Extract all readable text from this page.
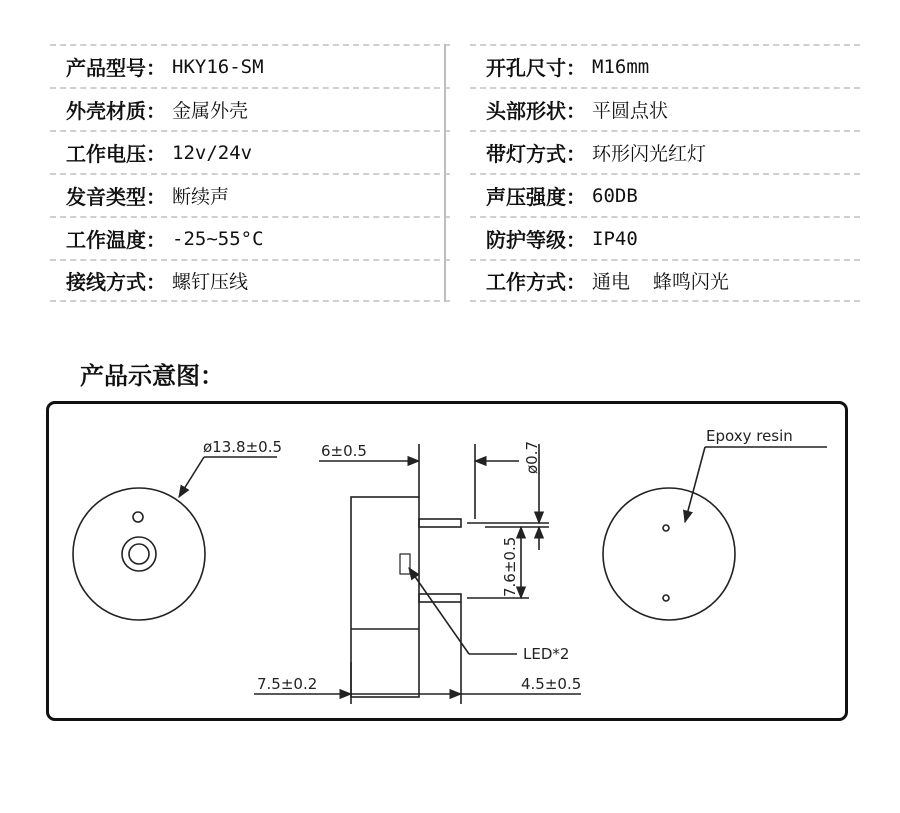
产品型号： HKY16-SM
外壳材质： 金属外壳
工作电压： 12v/24v
发音类型： 断续声
工作温度： -25~55°C
接线方式： 螺钉压线
开孔尺寸： M16mm
头部形状： 平圆点状
带灯方式： 环形闪光红灯
声压强度： 60DB
防护等级： IP40
工作方式： 通电  蜂鸣闪光
产品示意图：
ø13.8±0.5	6±0.5	ø0.7
7.6±0.5
7.5±0.2	4.5±0.5
LED*2
Epoxy resin
